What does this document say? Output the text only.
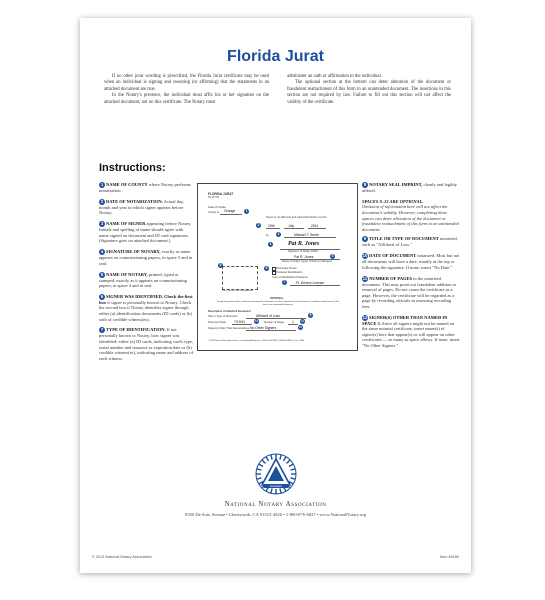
Florida Jurat

If no other jurat wording is prescribed, the Florida Jurat certificate may be used when an individual is signing and swearing (or affirming) that the statements in an attached document are true.

In the Notary's presence, the individual must affix his or her signature on the attached document, not on this certificate. The Notary must

administer an oath or affirmation to the individual.

The optional section at the bottom can deter alteration of the document or fraudulent reattachment of this form to an unintended document. The insertions in this section are not required by law. Failure to fill out this section will not affect the validity of the certificate.

Instructions:
1 NAME OF COUNTY where Notary performs notarization.
2 DATE OF NOTARIZATION. Actual day, month and year in which signer appears before Notary.
3 NAME OF SIGNER appearing before Notary. Initials and spelling of name should agree with name signed on document and ID card signatures. (Signature goes on attached document.)
4 SIGNATURE OF NOTARY, exactly as name appears on commissioning papers, in space 5 and in seal.
5 NAME OF NOTARY, printed, typed or stamped, exactly as it appears on commissioning papers, in space 4 and in seal.
6 SIGNER WAS IDENTIFIED. Check the first box if signer is personally known to Notary. Check the second box if Notary identifies signer through either (a) identification documents (ID cards) or (b) oath of credible witness(es).
7 TYPE OF IDENTIFICATION. If not personally known to Notary, how signer was identified: either (a) ID cards, indicating card's type, serial number and issuance or expiration date or (b) credible witness(es), indicating name and address of each witness.
8 NOTARY SEAL IMPRINT, clearly and legibly affixed.
SPACES 9–12 ARE OPTIONAL.
Omission of information here will not affect the document's validity. However, completing these spaces can deter alteration of the document or fraudulent reattachment of this form to an unintended document.
9 TITLE OR TYPE OF DOCUMENT notarized, such as "Affidavit of Loss."
10 DATE OF DOCUMENT notarized. Most but not all documents will have a date, usually at the top or following the signature. If none, insert "No Date."
11 NUMBER OF PAGES in the notarized document. This may point out fraudulent addition or removal of pages. Do not count the certificate as a page. However, the certificate will be regarded as a page by recording officials in assessing recording fees.
12 SIGNER(S) OTHER THAN NAMED IN SPACE 3. Since all signers might not be named on the same notarial certificate, insert name(s) of signer(s) here that appear(s) or will appear on other certificates — as many as space allows. If none, insert "No Other Signers."
FLORIDA JURAT
FS 117.05
State of Florida
County of Orange	1
Sworn to (or affirmed) and subscribed before me this
2	19th	July	2011
by	3	Michael T. Smith
4	Pat R. Jones
Signature of Notary Public
Pat R. Jones	5
Name of Notary Typed, Printed or Stamped
8
Place Notary Seal Stamp Above
6	Personally Known
Produced Identification
Type of Identification Produced
7	FL Drivers License
OPTIONAL
Though the portion of this certificate containing this information can deter alteration of the document or fraudulent reattachment of this form to an unintended document.
Description of Attached Document
Title or Type of Document	Affidavit of Loss	9
Document Date 7/19/11	10	Number of Pages 1	11
Signer(s) Other Than Named Above No Other Signers	12
© 2010 National Notary Association • www.NationalNotary.org • 1-800-US NOTARY (1-800-876-6827) • Item #5180
Association
National Notary Association
9350 De Soto Avenue • Chatsworth, CA 91313-4926 • 1-800-876-6827 • www.NationalNotary.org
© 2013 National Notary Association	Item #5180
